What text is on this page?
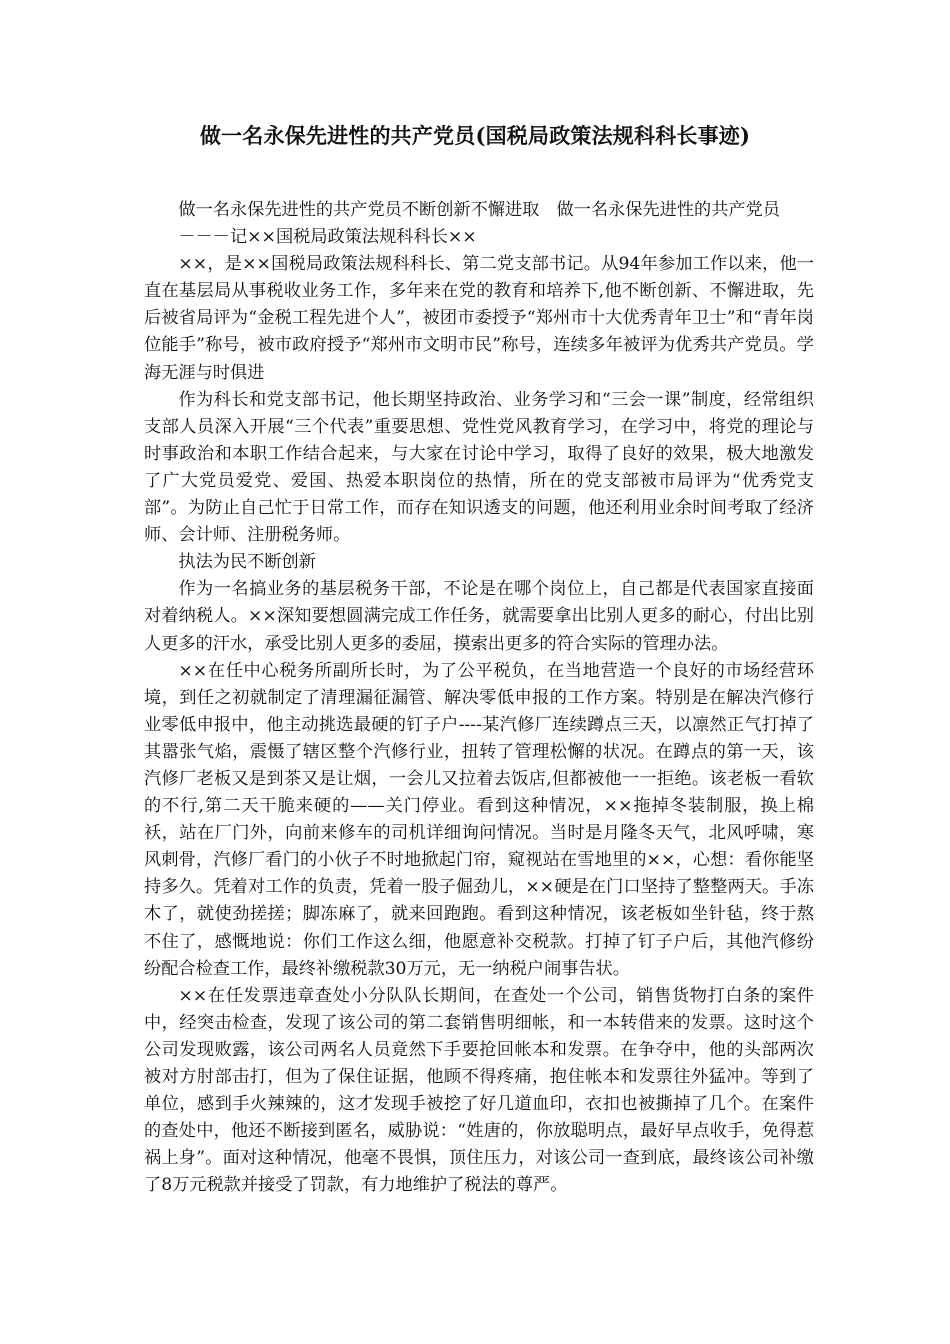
做一名永保先进性的共产党员(国税局政策法规科科长事迹)

做一名永保先进性的共产党员不断创新不懈进取　做一名永保先进性的共产党员

－－－记××国税局政策法规科科长××

××，是××国税局政策法规科科长、第二党支部书记。从94年参加工作以来，他一直在基层局从事税收业务工作，多年来在党的教育和培养下,他不断创新、不懈进取，先后被省局评为“金税工程先进个人”，被团市委授予“郑州市十大优秀青年卫士”和“青年岗位能手”称号，被市政府授予“郑州市文明市民”称号，连续多年被评为优秀共产党员。学海无涯与时俱进

作为科长和党支部书记，他长期坚持政治、业务学习和“三会一课”制度，经常组织支部人员深入开展“三个代表”重要思想、党性党风教育学习，在学习中，将党的理论与时事政治和本职工作结合起来，与大家在讨论中学习，取得了良好的效果，极大地激发了广大党员爱党、爱国、热爱本职岗位的热情，所在的党支部被市局评为“优秀党支部”。为防止自己忙于日常工作，而存在知识透支的问题，他还利用业余时间考取了经济师、会计师、注册税务师。

执法为民不断创新

作为一名搞业务的基层税务干部，不论是在哪个岗位上，自己都是代表国家直接面对着纳税人。××深知要想圆满完成工作任务，就需要拿出比别人更多的耐心，付出比别人更多的汗水，承受比别人更多的委屈，摸索出更多的符合实际的管理办法。

××在任中心税务所副所长时，为了公平税负，在当地营造一个良好的市场经营环境，到任之初就制定了清理漏征漏管、解决零低申报的工作方案。特别是在解决汽修行业零低申报中，他主动挑选最硬的钉子户----某汽修厂连续蹲点三天，以凛然正气打掉了其嚣张气焰，震慑了辖区整个汽修行业，扭转了管理松懈的状况。在蹲点的第一天，该汽修厂老板又是到茶又是让烟，一会儿又拉着去饭店,但都被他一一拒绝。该老板一看软的不行,第二天干脆来硬的——关门停业。看到这种情况，××拖掉冬装制服，换上棉袄，站在厂门外，向前来修车的司机详细询问情况。当时是月隆冬天气，北风呼啸，寒风刺骨，汽修厂看门的小伙子不时地掀起门帘，窥视站在雪地里的××，心想：看你能坚持多久。凭着对工作的负责，凭着一股子倔劲儿，××硬是在门口坚持了整整两天。手冻木了，就使劲搓搓；脚冻麻了，就来回跑跑。看到这种情况，该老板如坐针毡，终于熬不住了，感慨地说：你们工作这么细，他愿意补交税款。打掉了钉子户后，其他汽修纷纷配合检查工作，最终补缴税款30万元，无一纳税户闹事告状。

××在任发票违章查处小分队队长期间，在查处一个公司，销售货物打白条的案件中，经突击检查，发现了该公司的第二套销售明细帐，和一本转借来的发票。这时这个公司发现败露，该公司两名人员竟然下手要抢回帐本和发票。在争夺中，他的头部两次被对方肘部击打，但为了保住证据，他顾不得疼痛，抱住帐本和发票往外猛冲。等到了单位，感到手火辣辣的，这才发现手被挖了好几道血印，衣扣也被撕掉了几个。在案件的查处中，他还不断接到匿名，威胁说：“姓唐的，你放聪明点，最好早点收手，免得惹祸上身”。面对这种情况，他毫不畏惧，顶住压力，对该公司一查到底，最终该公司补缴了8万元税款并接受了罚款，有力地维护了税法的尊严。
